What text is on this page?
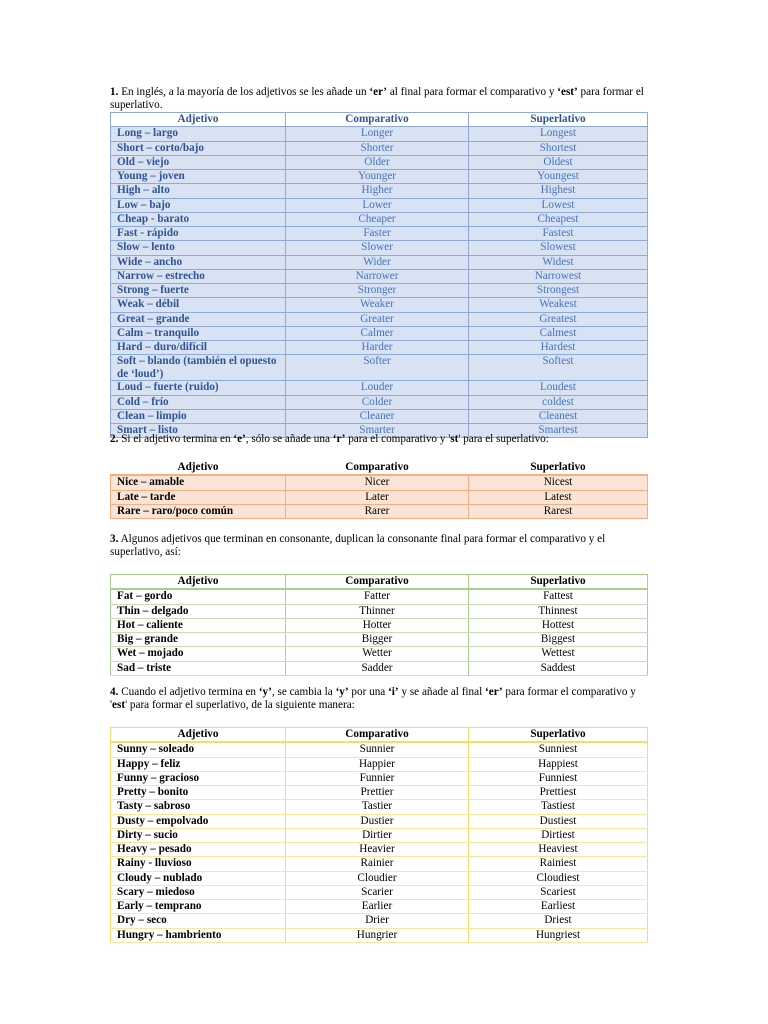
1. En inglés, a la mayoría de los adjetivos se les añade un ‘er’ al final para formar el comparativo y ‘est’ para formar el superlativo.

Adjetivo	Comparativo	Superlativo
Long – largo	Longer	Longest
Short – corto/bajo	Shorter	Shortest
Old – viejo	Older	Oldest
Young – joven	Younger	Youngest
High – alto	Higher	Highest
Low – bajo	Lower	Lowest
Cheap - barato	Cheaper	Cheapest
Fast - rápido	Faster	Fastest
Slow – lento	Slower	Slowest
Wide – ancho	Wider	Widest
Narrow – estrecho	Narrower	Narrowest
Strong – fuerte	Stronger	Strongest
Weak – débil	Weaker	Weakest
Great – grande	Greater	Greatest
Calm – tranquilo	Calmer	Calmest
Hard – duro/difícil	Harder	Hardest
Soft – blando (también el opuesto de ‘loud’)	Softer	Softest
Loud – fuerte (ruido)	Louder	Loudest
Cold – frío	Colder	coldest
Clean – limpio	Cleaner	Cleanest
Smart – listo	Smarter	Smartest

2. Si el adjetivo termina en ‘e’, sólo se añade una ‘r’ para el comparativo y 'st' para el superlativo:

Adjetivo	Comparativo	Superlativo
Nice – amable	Nicer	Nicest
Late – tarde	Later	Latest
Rare – raro/poco común	Rarer	Rarest

3. Algunos adjetivos que terminan en consonante, duplican la consonante final para formar el comparativo y el superlativo, así:

Adjetivo	Comparativo	Superlativo
Fat – gordo	Fatter	Fattest
Thin – delgado	Thinner	Thinnest
Hot – caliente	Hotter	Hottest
Big – grande	Bigger	Biggest
Wet – mojado	Wetter	Wettest
Sad – triste	Sadder	Saddest

4. Cuando el adjetivo termina en ‘y’, se cambia la ‘y’ por una ‘i’ y se añade al final ‘er’ para formar el comparativo y 'est' para formar el superlativo, de la siguiente manera:

Adjetivo	Comparativo	Superlativo
Sunny – soleado	Sunnier	Sunniest
Happy – feliz	Happier	Happiest
Funny – gracioso	Funnier	Funniest
Pretty – bonito	Prettier	Prettiest
Tasty – sabroso	Tastier	Tastiest
Dusty – empolvado	Dustier	Dustiest
Dirty – sucio	Dirtier	Dirtiest
Heavy – pesado	Heavier	Heaviest
Rainy - lluvioso	Rainier	Rainiest
Cloudy – nublado	Cloudier	Cloudiest
Scary – miedoso	Scarier	Scariest
Early – temprano	Earlier	Earliest
Dry – seco	Drier	Driest
Hungry – hambriento	Hungrier	Hungriest
